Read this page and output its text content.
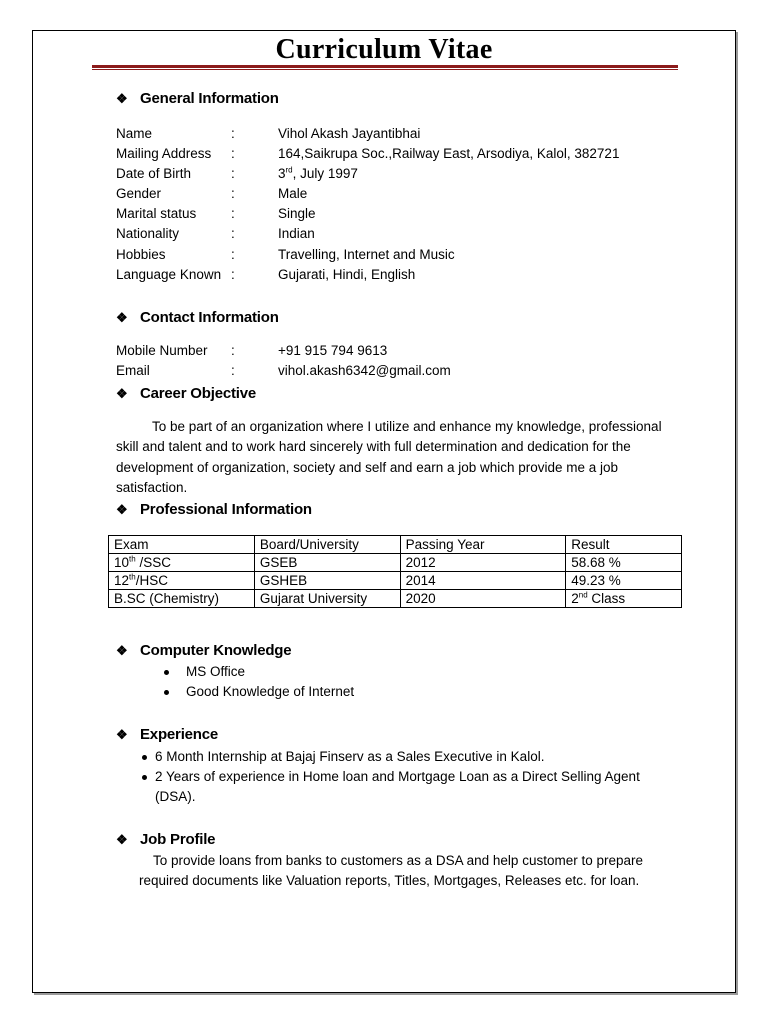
Curriculum Vitae
❖ General Information
Name	:	Vihol Akash Jayantibhai
Mailing Address :	164,Saikrupa Soc.,Railway East, Arsodiya, Kalol, 382721
Date of Birth	:	3rd, July 1997
Gender	:	Male
Marital status	:	Single
Nationality	:	Indian
Hobbies	:	Travelling, Internet and Music
Language Known :	Gujarati, Hindi, English
❖ Contact Information
Mobile Number :	+91 915 794 9613
Email	:	vihol.akash6342@gmail.com
❖ Career Objective
To be part of an organization where I utilize and enhance my knowledge, professional skill and talent and to work hard sincerely with full determination and dedication for the development of organization, society and self and earn a job which provide me a job satisfaction.
❖ Professional Information
Exam	Board/University	Passing Year	Result
10th /SSC	GSEB	2012	58.68 %
12th/HSC	GSHEB	2014	49.23 %
B.SC (Chemistry)	Gujarat University	2020	2nd Class
❖ Computer Knowledge
MS Office
Good Knowledge of Internet
❖ Experience
6 Month Internship at Bajaj Finserv as a Sales Executive in Kalol.
2 Years of experience in Home loan and Mortgage Loan as a Direct Selling Agent (DSA).
❖ Job Profile
To provide loans from banks to customers as a DSA and help customer to prepare required documents like Valuation reports, Titles, Mortgages, Releases etc. for loan.
